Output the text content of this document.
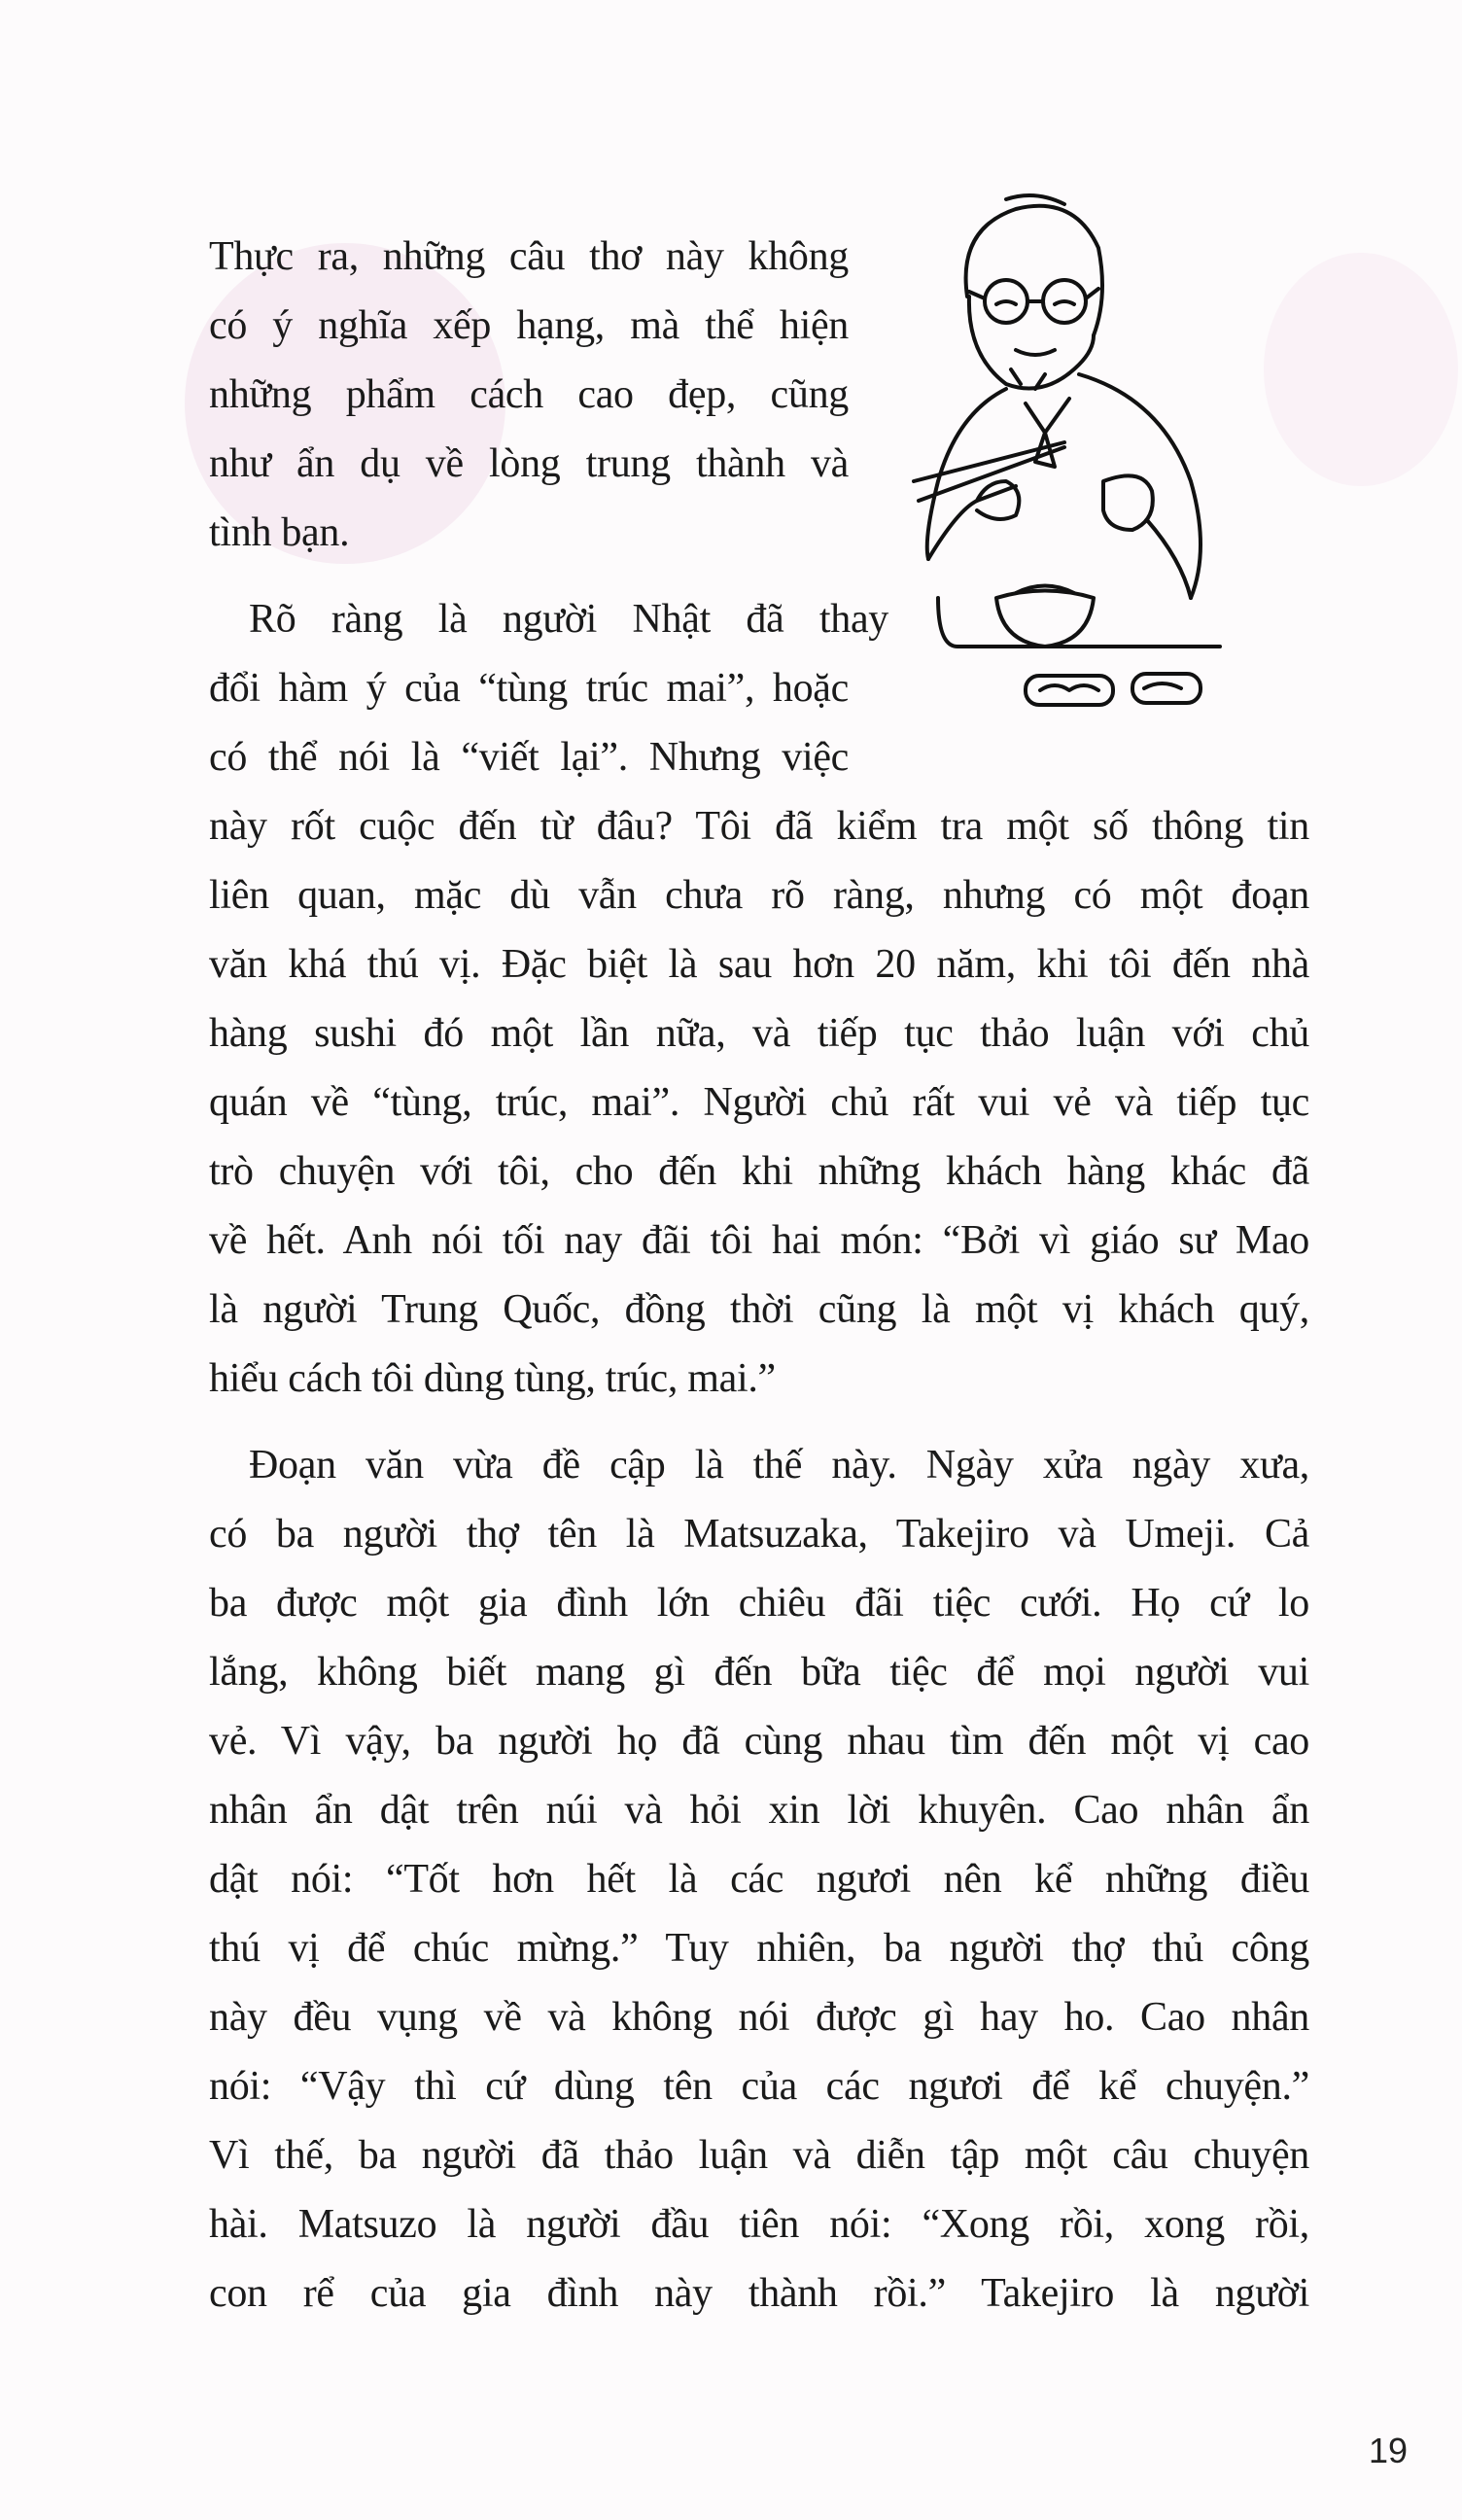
Thực ra, những câu thơ này không
có ý nghĩa xếp hạng, mà thể hiện
những phẩm cách cao đẹp, cũng
như ẩn dụ về lòng trung thành và
tình bạn.
Rõ ràng là người Nhật đã thay
đổi hàm ý của “tùng trúc mai”, hoặc
có thể nói là “viết lại”. Nhưng việc
này rốt cuộc đến từ đâu? Tôi đã kiểm tra một số thông tin
liên quan, mặc dù vẫn chưa rõ ràng, nhưng có một đoạn
văn khá thú vị. Đặc biệt là sau hơn 20 năm, khi tôi đến nhà
hàng sushi đó một lần nữa, và tiếp tục thảo luận với chủ
quán về “tùng, trúc, mai”. Người chủ rất vui vẻ và tiếp tục
trò chuyện với tôi, cho đến khi những khách hàng khác đã
về hết. Anh nói tối nay đãi tôi hai món: “Bởi vì giáo sư Mao
là người Trung Quốc, đồng thời cũng là một vị khách quý,
hiểu cách tôi dùng tùng, trúc, mai.”
Đoạn văn vừa đề cập là thế này. Ngày xửa ngày xưa,
có ba người thợ tên là Matsuzaka, Takejiro và Umeji. Cả
ba được một gia đình lớn chiêu đãi tiệc cưới. Họ cứ lo
lắng, không biết mang gì đến bữa tiệc để mọi người vui
vẻ. Vì vậy, ba người họ đã cùng nhau tìm đến một vị cao
nhân ẩn dật trên núi và hỏi xin lời khuyên. Cao nhân ẩn
dật nói: “Tốt hơn hết là các ngươi nên kể những điều
thú vị để chúc mừng.” Tuy nhiên, ba người thợ thủ công
này đều vụng về và không nói được gì hay ho. Cao nhân
nói: “Vậy thì cứ dùng tên của các ngươi để kể chuyện.”
Vì thế, ba người đã thảo luận và diễn tập một câu chuyện
hài. Matsuzo là người đầu tiên nói: “Xong rồi, xong rồi,
con rể của gia đình này thành rồi.” Takejiro là người
19
